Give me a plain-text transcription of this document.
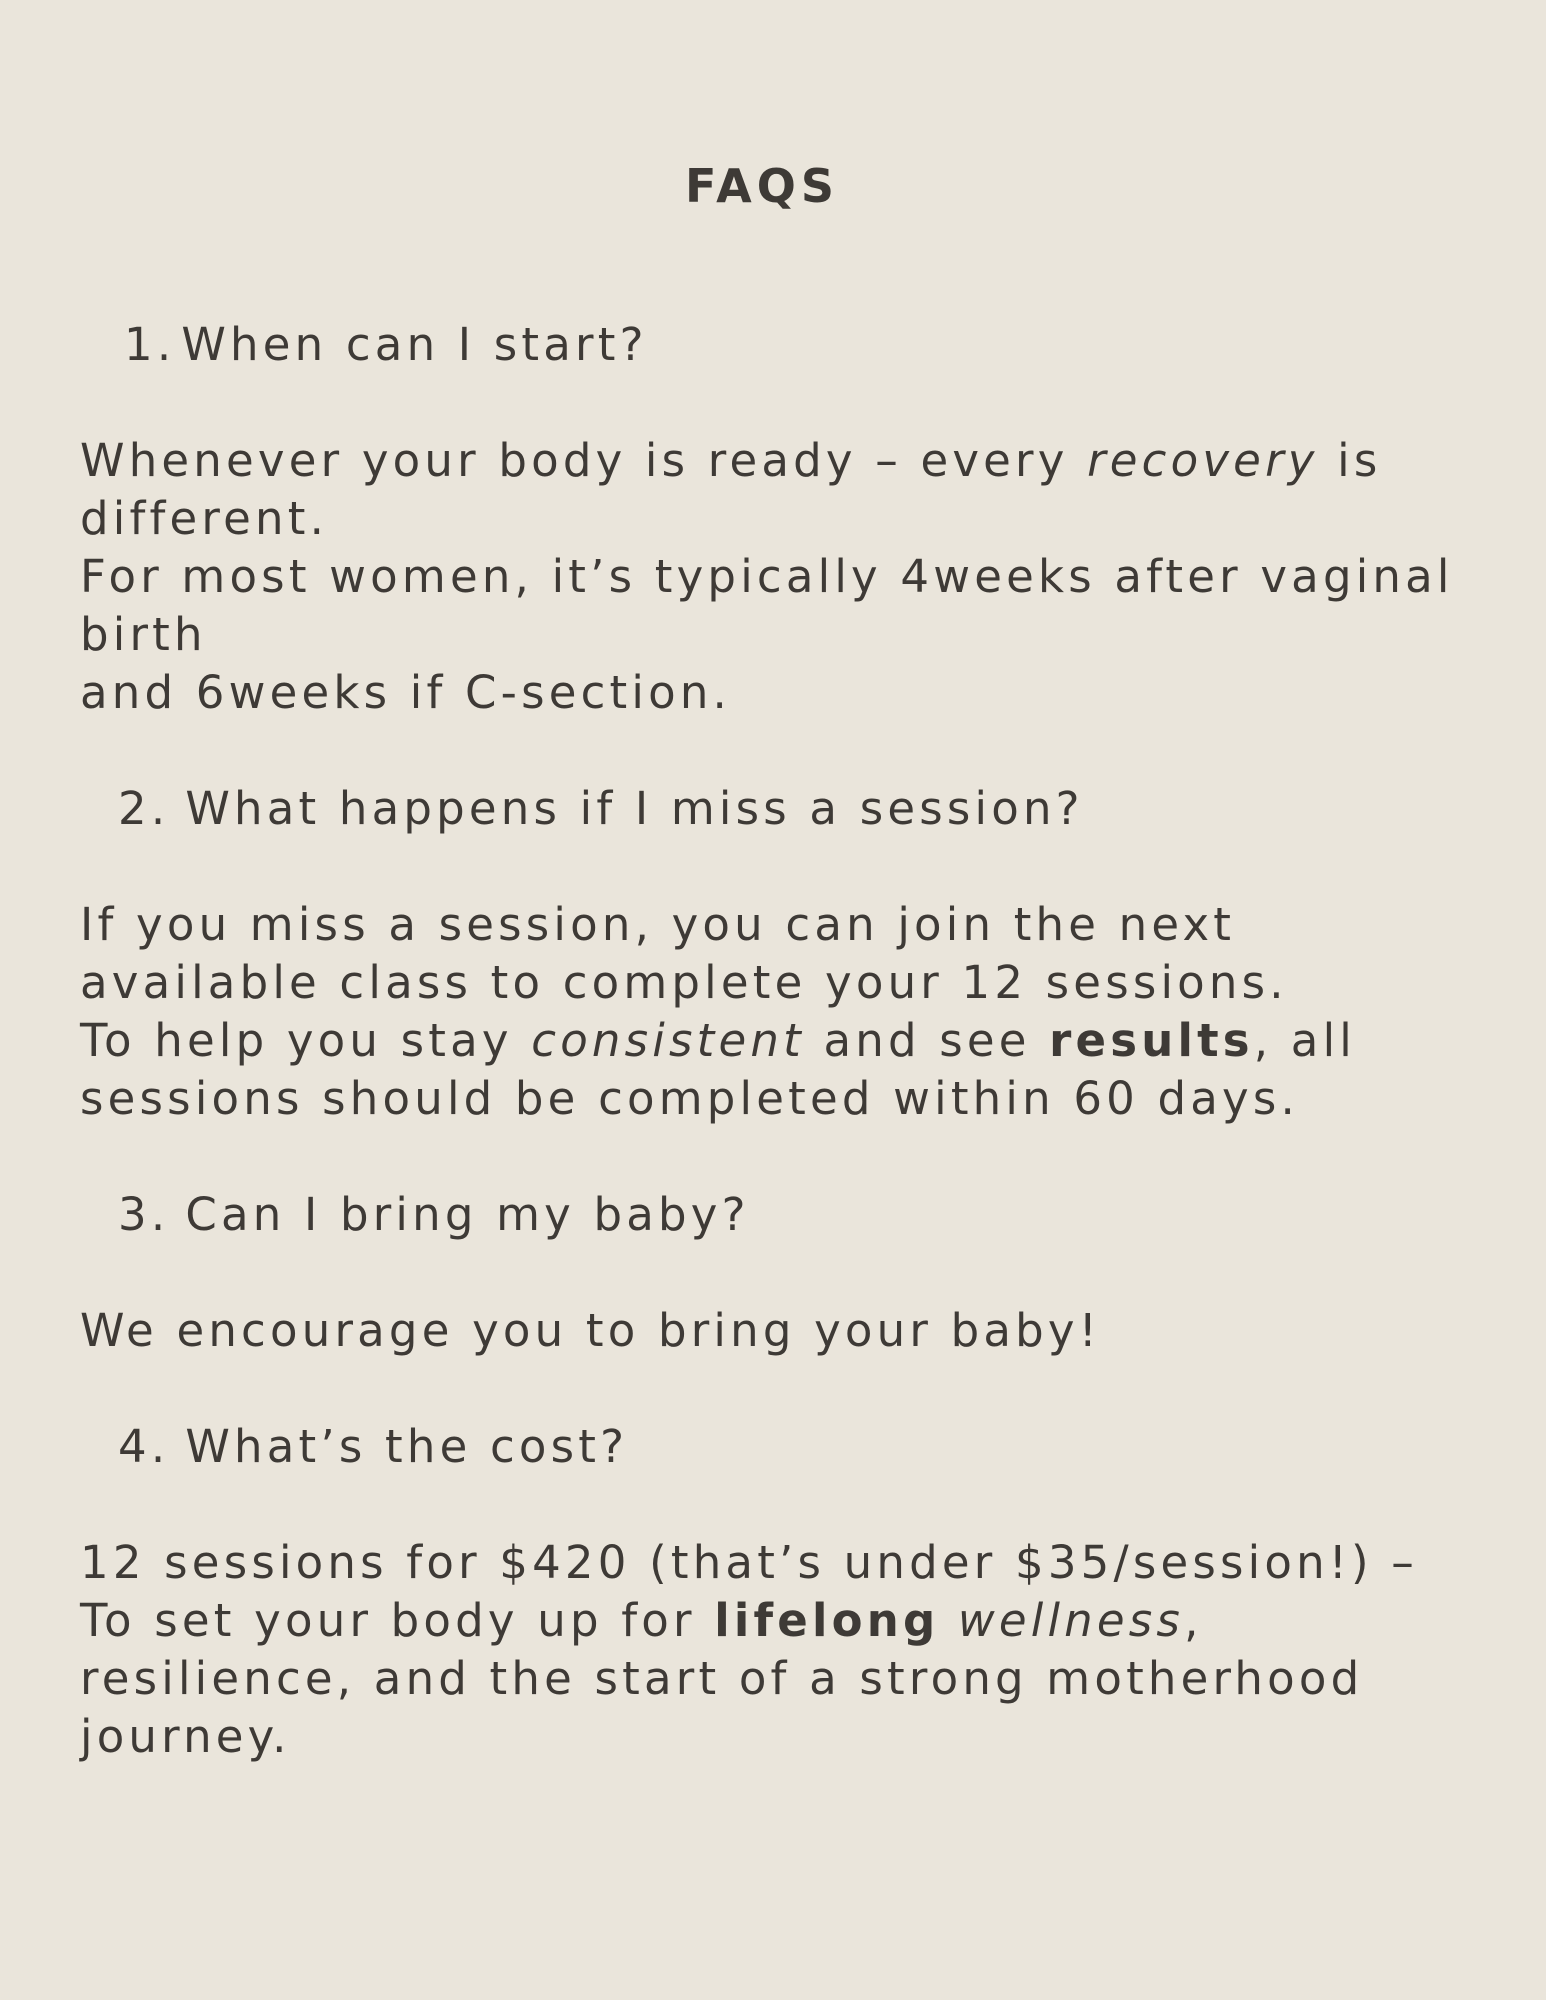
FAQS
1. When can I start?
Whenever your body is ready – every recovery is
different.
For most women, it’s typically 4weeks after vaginal
birth
and 6weeks if C-section.
2. What happens if I miss a session?
If you miss a session, you can join the next
available class to complete your 12 sessions.
To help you stay consistent and see results, all
sessions should be completed within 60 days.
3. Can I bring my baby?
We encourage you to bring your baby!
4. What’s the cost?
12 sessions for $420 (that’s under $35/session!) –
To set your body up for lifelong wellness,
resilience, and the start of a strong motherhood
journey.
